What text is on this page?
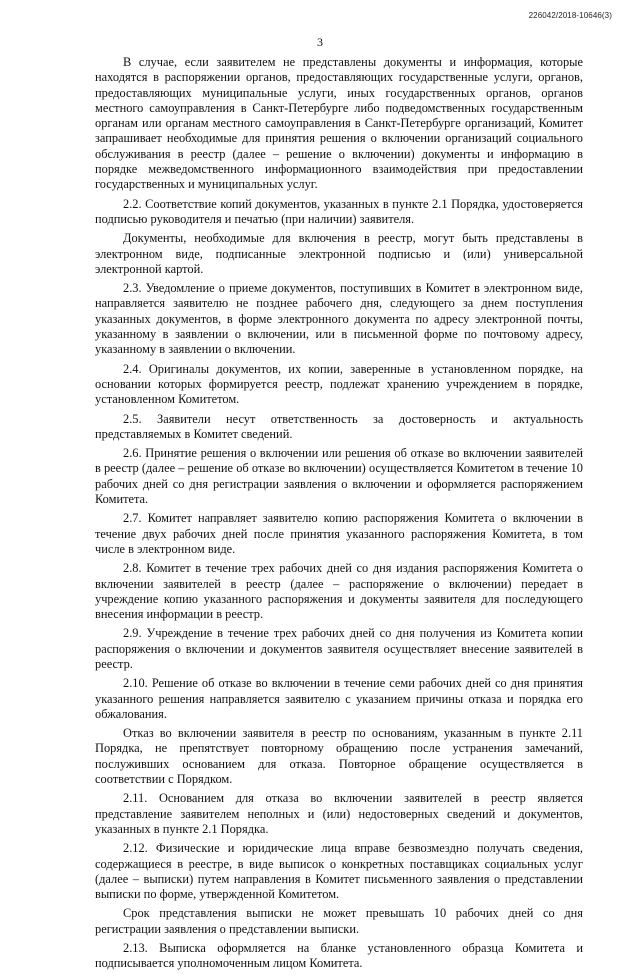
226042/2018-10646(3)
3

В случае, если заявителем не представлены документы и информация, которые находятся в распоряжении органов, предоставляющих государственные услуги, органов, предоставляющих муниципальные услуги, иных государственных органов, органов местного самоуправления в Санкт-Петербурге либо подведомственных государственным органам или органам местного самоуправления в Санкт-Петербурге организаций, Комитет запрашивает необходимые для принятия решения о включении организаций социального обслуживания в реестр (далее – решение о включении) документы и информацию в порядке межведомственного информационного взаимодействия при предоставлении государственных и муниципальных услуг.

2.2. Соответствие копий документов, указанных в пункте 2.1 Порядка, удостоверяется подписью руководителя и печатью (при наличии) заявителя.

Документы, необходимые для включения в реестр, могут быть представлены в электронном виде, подписанные электронной подписью и (или) универсальной электронной картой.

2.3. Уведомление о приеме документов, поступивших в Комитет в электронном виде, направляется заявителю не позднее рабочего дня, следующего за днем поступления указанных документов, в форме электронного документа по адресу электронной почты, указанному в заявлении о включении, или в письменной форме по почтовому адресу, указанному в заявлении о включении.

2.4. Оригиналы документов, их копии, заверенные в установленном порядке, на основании которых формируется реестр, подлежат хранению учреждением в порядке, установленном Комитетом.

2.5. Заявители несут ответственность за достоверность и актуальность представляемых в Комитет сведений.

2.6. Принятие решения о включении или решения об отказе во включении заявителей в реестр (далее – решение об отказе во включении) осуществляется Комитетом в течение 10 рабочих дней со дня регистрации заявления о включении и оформляется распоряжением Комитета.

2.7. Комитет направляет заявителю копию распоряжения Комитета о включении в течение двух рабочих дней после принятия указанного распоряжения Комитета, в том числе в электронном виде.

2.8. Комитет в течение трех рабочих дней со дня издания распоряжения Комитета о включении заявителей в реестр (далее – распоряжение о включении) передает в учреждение копию указанного распоряжения и документы заявителя для последующего внесения информации в реестр.

2.9. Учреждение в течение трех рабочих дней со дня получения из Комитета копии распоряжения о включении и документов заявителя осуществляет внесение заявителей в реестр.

2.10. Решение об отказе во включении в течение семи рабочих дней со дня принятия указанного решения направляется заявителю с указанием причины отказа и порядка его обжалования.

Отказ во включении заявителя в реестр по основаниям, указанным в пункте 2.11 Порядка, не препятствует повторному обращению после устранения замечаний, послуживших основанием для отказа. Повторное обращение осуществляется в соответствии с Порядком.

2.11. Основанием для отказа во включении заявителей в реестр является представление заявителем неполных и (или) недостоверных сведений и документов, указанных в пункте 2.1 Порядка.

2.12. Физические и юридические лица вправе безвозмездно получать сведения, содержащиеся в реестре, в виде выписок о конкретных поставщиках социальных услуг (далее – выписки) путем направления в Комитет письменного заявления о представлении выписки по форме, утвержденной Комитетом.

Срок представления выписки не может превышать 10 рабочих дней со дня регистрации заявления о представлении выписки.

2.13. Выписка оформляется на бланке установленного образца Комитета и подписывается уполномоченным лицом Комитета.
